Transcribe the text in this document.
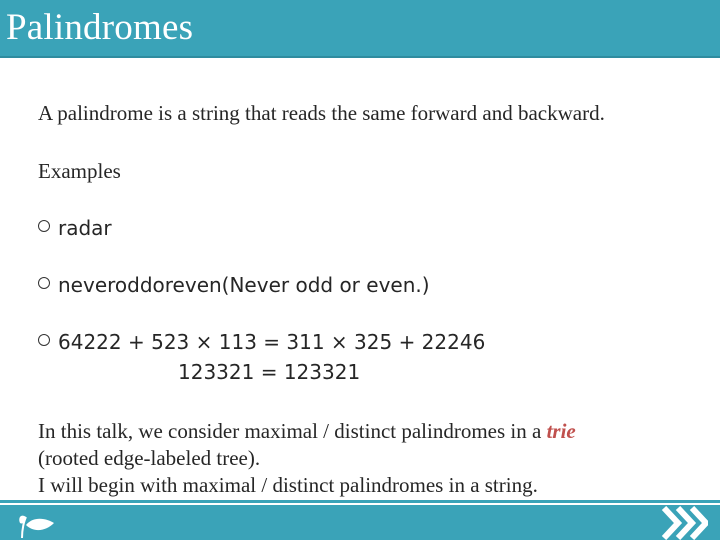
Palindromes
A palindrome is a string that reads the same forward and backward.
Examples
radar
neveroddoreven(Never odd or even.)
64222 + 523 × 113 = 311 × 325 + 22246
123321 = 123321
In this talk, we consider maximal / distinct palindromes in a trie
(rooted edge-labeled tree).
I will begin with maximal / distinct palindromes in a string.
